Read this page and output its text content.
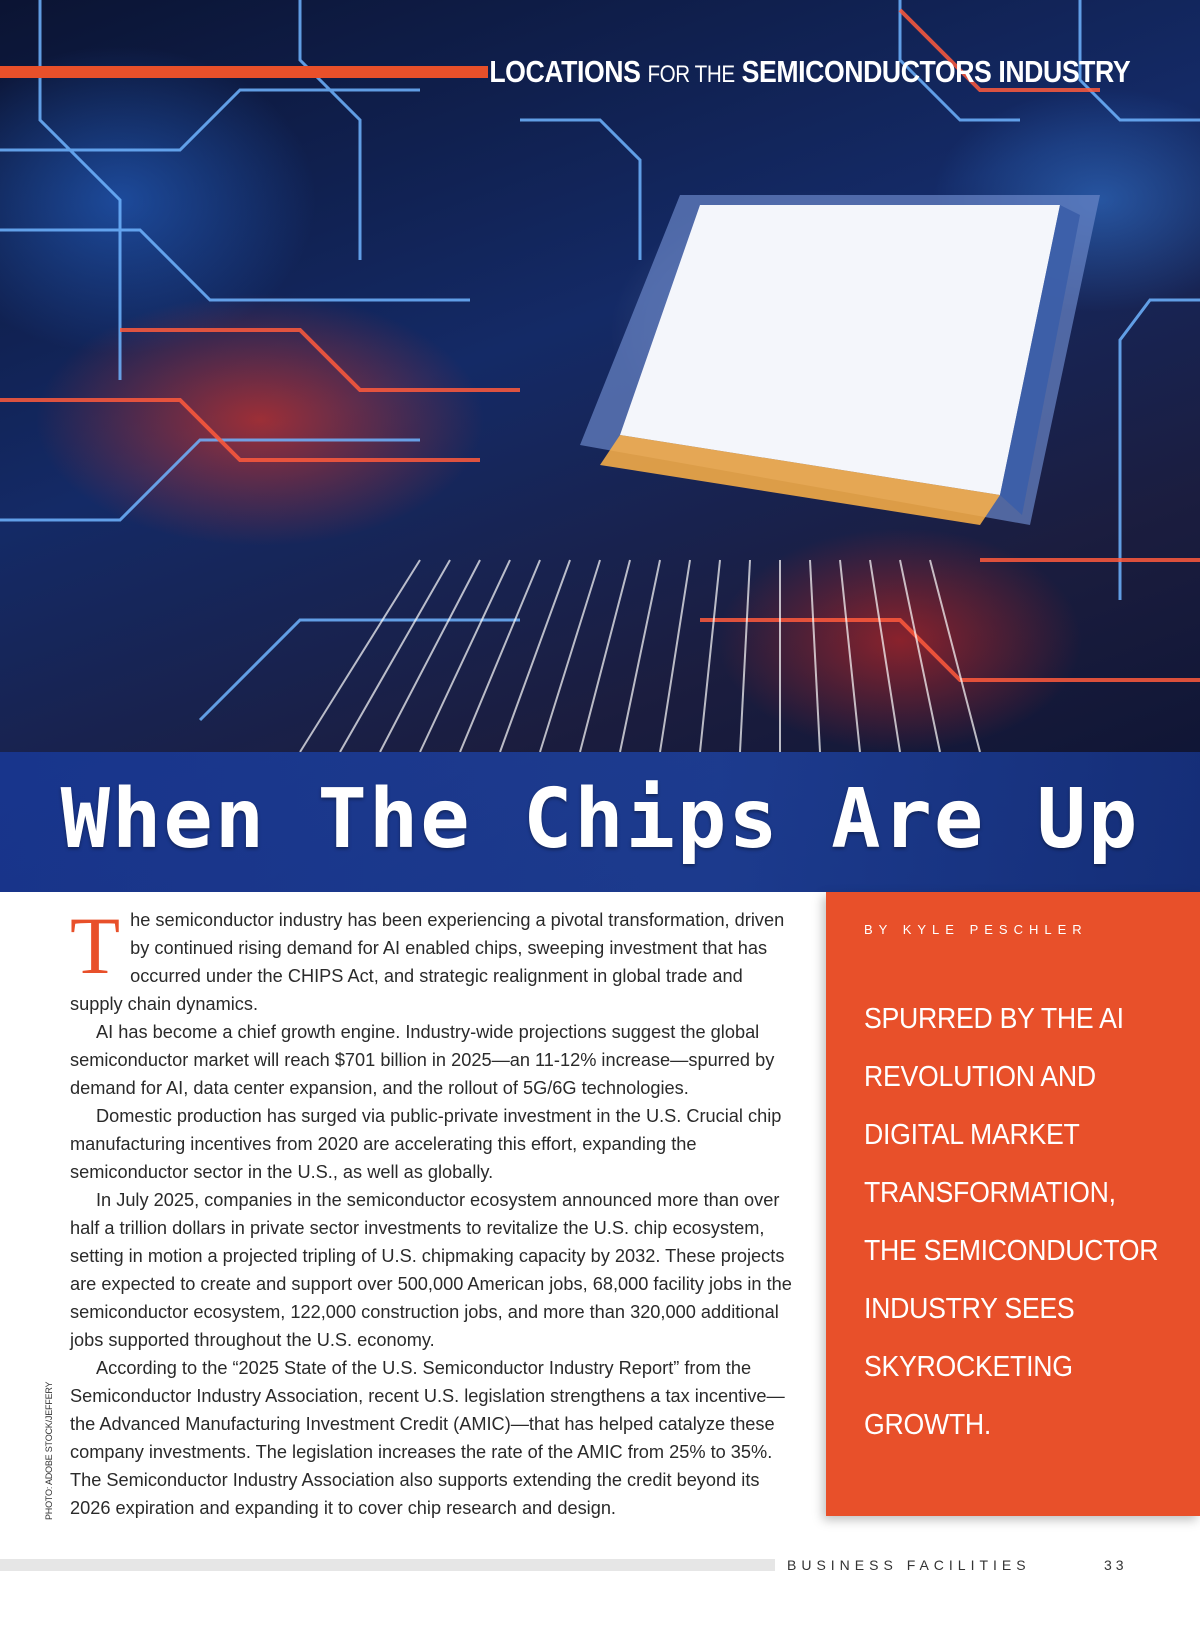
LOCATIONS FOR THE SEMICONDUCTORS INDUSTRY
When The Chips Are Up

The semiconductor industry has been experiencing a pivotal transformation, driven by continued rising demand for AI enabled chips, sweeping investment that has occurred under the CHIPS Act, and strategic realignment in global trade and supply chain dynamics.

AI has become a chief growth engine. Industry-wide projections suggest the global semiconductor market will reach $701 billion in 2025—an 11-12% increase—spurred by demand for AI, data center expansion, and the rollout of 5G/6G technologies.

Domestic production has surged via public-private investment in the U.S. Crucial chip manufacturing incentives from 2020 are accelerating this effort, expanding the semiconductor sector in the U.S., as well as globally.

In July 2025, companies in the semiconductor ecosystem announced more than over half a trillion dollars in private sector investments to revitalize the U.S. chip ecosystem, setting in motion a projected tripling of U.S. chipmaking capacity by 2032. These projects are expected to create and support over 500,000 American jobs, 68,000 facility jobs in the semiconductor ecosystem, 122,000 construction jobs, and more than 320,000 additional jobs supported throughout the U.S. economy.

According to the “2025 State of the U.S. Semiconductor Industry Report” from the Semiconductor Industry Association, recent U.S. legislation strengthens a tax incentive—the Advanced Manufacturing Investment Credit (AMIC)—that has helped catalyze these company investments. The legislation increases the rate of the AMIC from 25% to 35%. The Semiconductor Industry Association also supports extending the credit beyond its 2026 expiration and expanding it to cover chip research and design.

PHOTO: ADOBE STOCK/JEFFERY
BY KYLE PESCHLER
SPURRED BY THE AI
REVOLUTION AND
DIGITAL MARKET
TRANSFORMATION,
THE SEMICONDUCTOR
INDUSTRY SEES
SKYROCKETING
GROWTH.
BUSINESS FACILITIES	33
